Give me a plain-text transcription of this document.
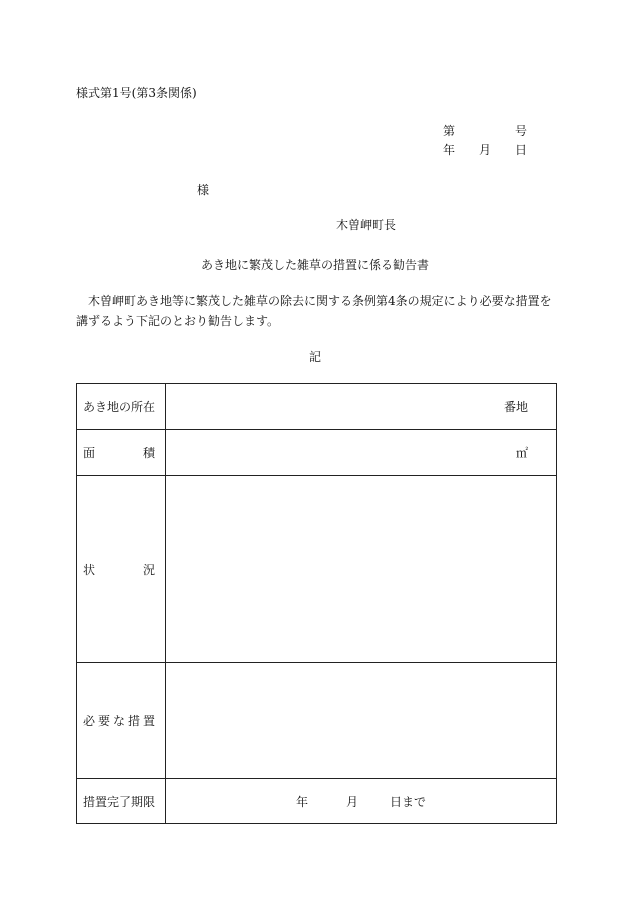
様式第1号(第3条関係)
第	号
年 月 日
様
木曽岬町長
あき地に繁茂した雑草の措置に係る勧告書
木曽岬町あき地等に繁茂した雑草の除去に関する条例第4条の規定により必要な措置を講ずるよう下記のとおり勧告します。
記
あき地の所在	番地

面 積	㎡

状 況	

必 要 な 措 置	

措置完了期限	年 月 日まで
